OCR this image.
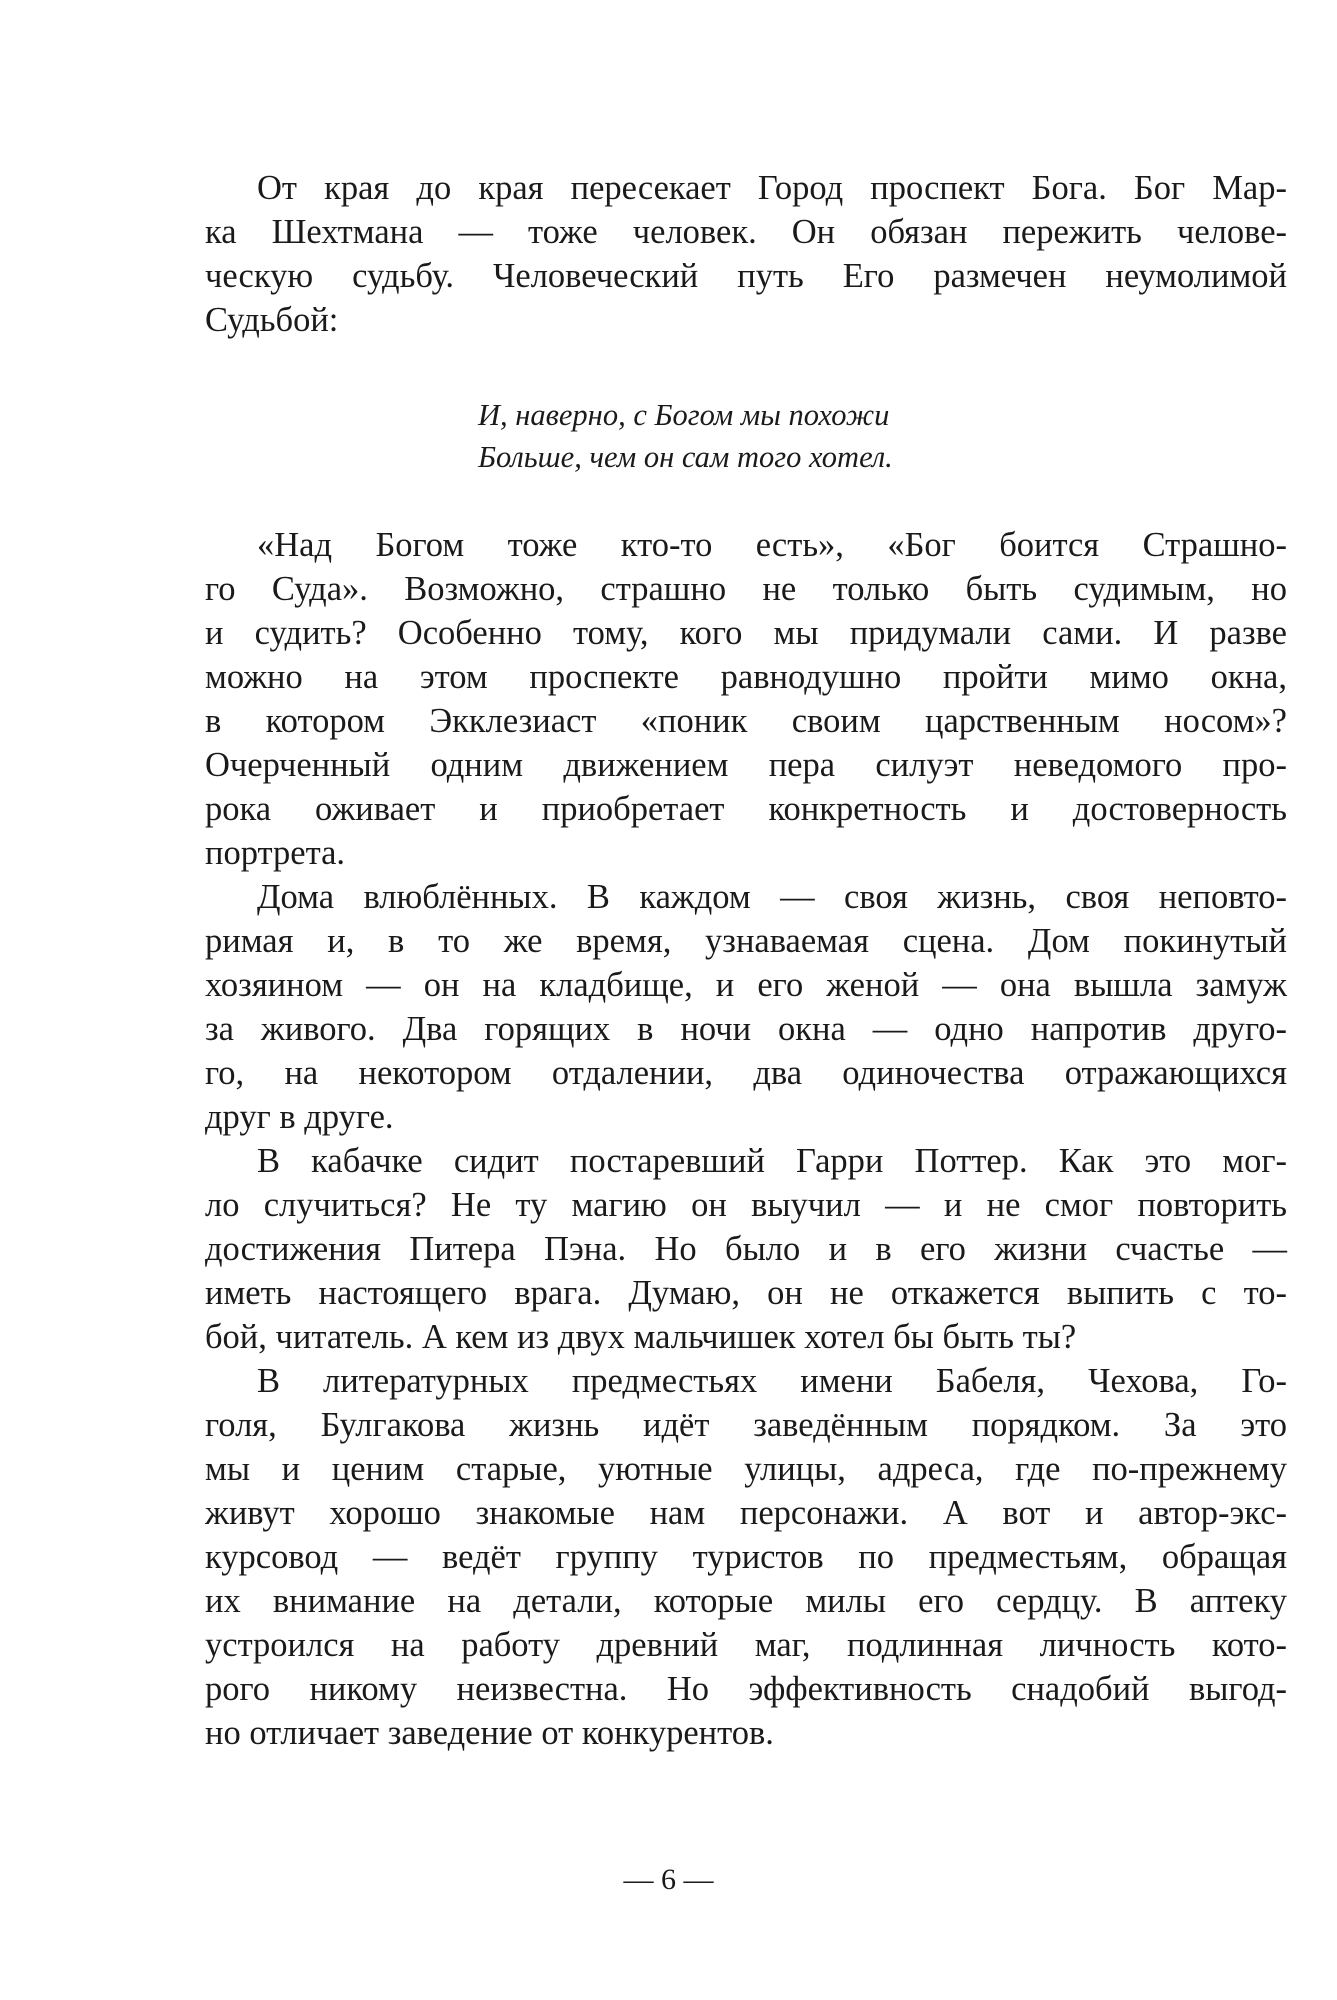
От края до края пересекает Город проспект Бога. Бог Мар-
ка Шехтмана — тоже человек. Он обязан пережить челове-
ческую судьбу. Человеческий путь Его размечен неумолимой
Судьбой:
И, наверно, с Богом мы похожи
Больше, чем он сам того хотел.
«Над Богом тоже кто-то есть», «Бог боится Страшно-
го Суда». Возможно, страшно не только быть судимым, но
и судить? Особенно тому, кого мы придумали сами. И разве
можно на этом проспекте равнодушно пройти мимо окна,
в котором Экклезиаст «поник своим царственным носом»?
Очерченный одним движением пера силуэт неведомого про-
рока оживает и приобретает конкретность и достоверность
портрета.
Дома влюблённых. В каждом — своя жизнь, своя неповто-
римая и, в то же время, узнаваемая сцена. Дом покинутый
хозяином — он на кладбище, и его женой — она вышла замуж
за живого. Два горящих в ночи окна — одно напротив друго-
го, на некотором отдалении, два одиночества отражающихся
друг в друге.
В кабачке сидит постаревший Гарри Поттер. Как это мог-
ло случиться? Не ту магию он выучил — и не смог повторить
достижения Питера Пэна. Но было и в его жизни счастье —
иметь настоящего врага. Думаю, он не откажется выпить с то-
бой, читатель. А кем из двух мальчишек хотел бы быть ты?
В литературных предместьях имени Бабеля, Чехова, Го-
голя, Булгакова жизнь идёт заведённым порядком. За это
мы и ценим старые, уютные улицы, адреса, где по-прежнему
живут хорошо знакомые нам персонажи. А вот и автор-экс-
курсовод — ведёт группу туристов по предместьям, обращая
их внимание на детали, которые милы его сердцу. В аптеку
устроился на работу древний маг, подлинная личность кото-
рого никому неизвестна. Но эффективность снадобий выгод-
но отличает заведение от конкурентов.
— 6 —
